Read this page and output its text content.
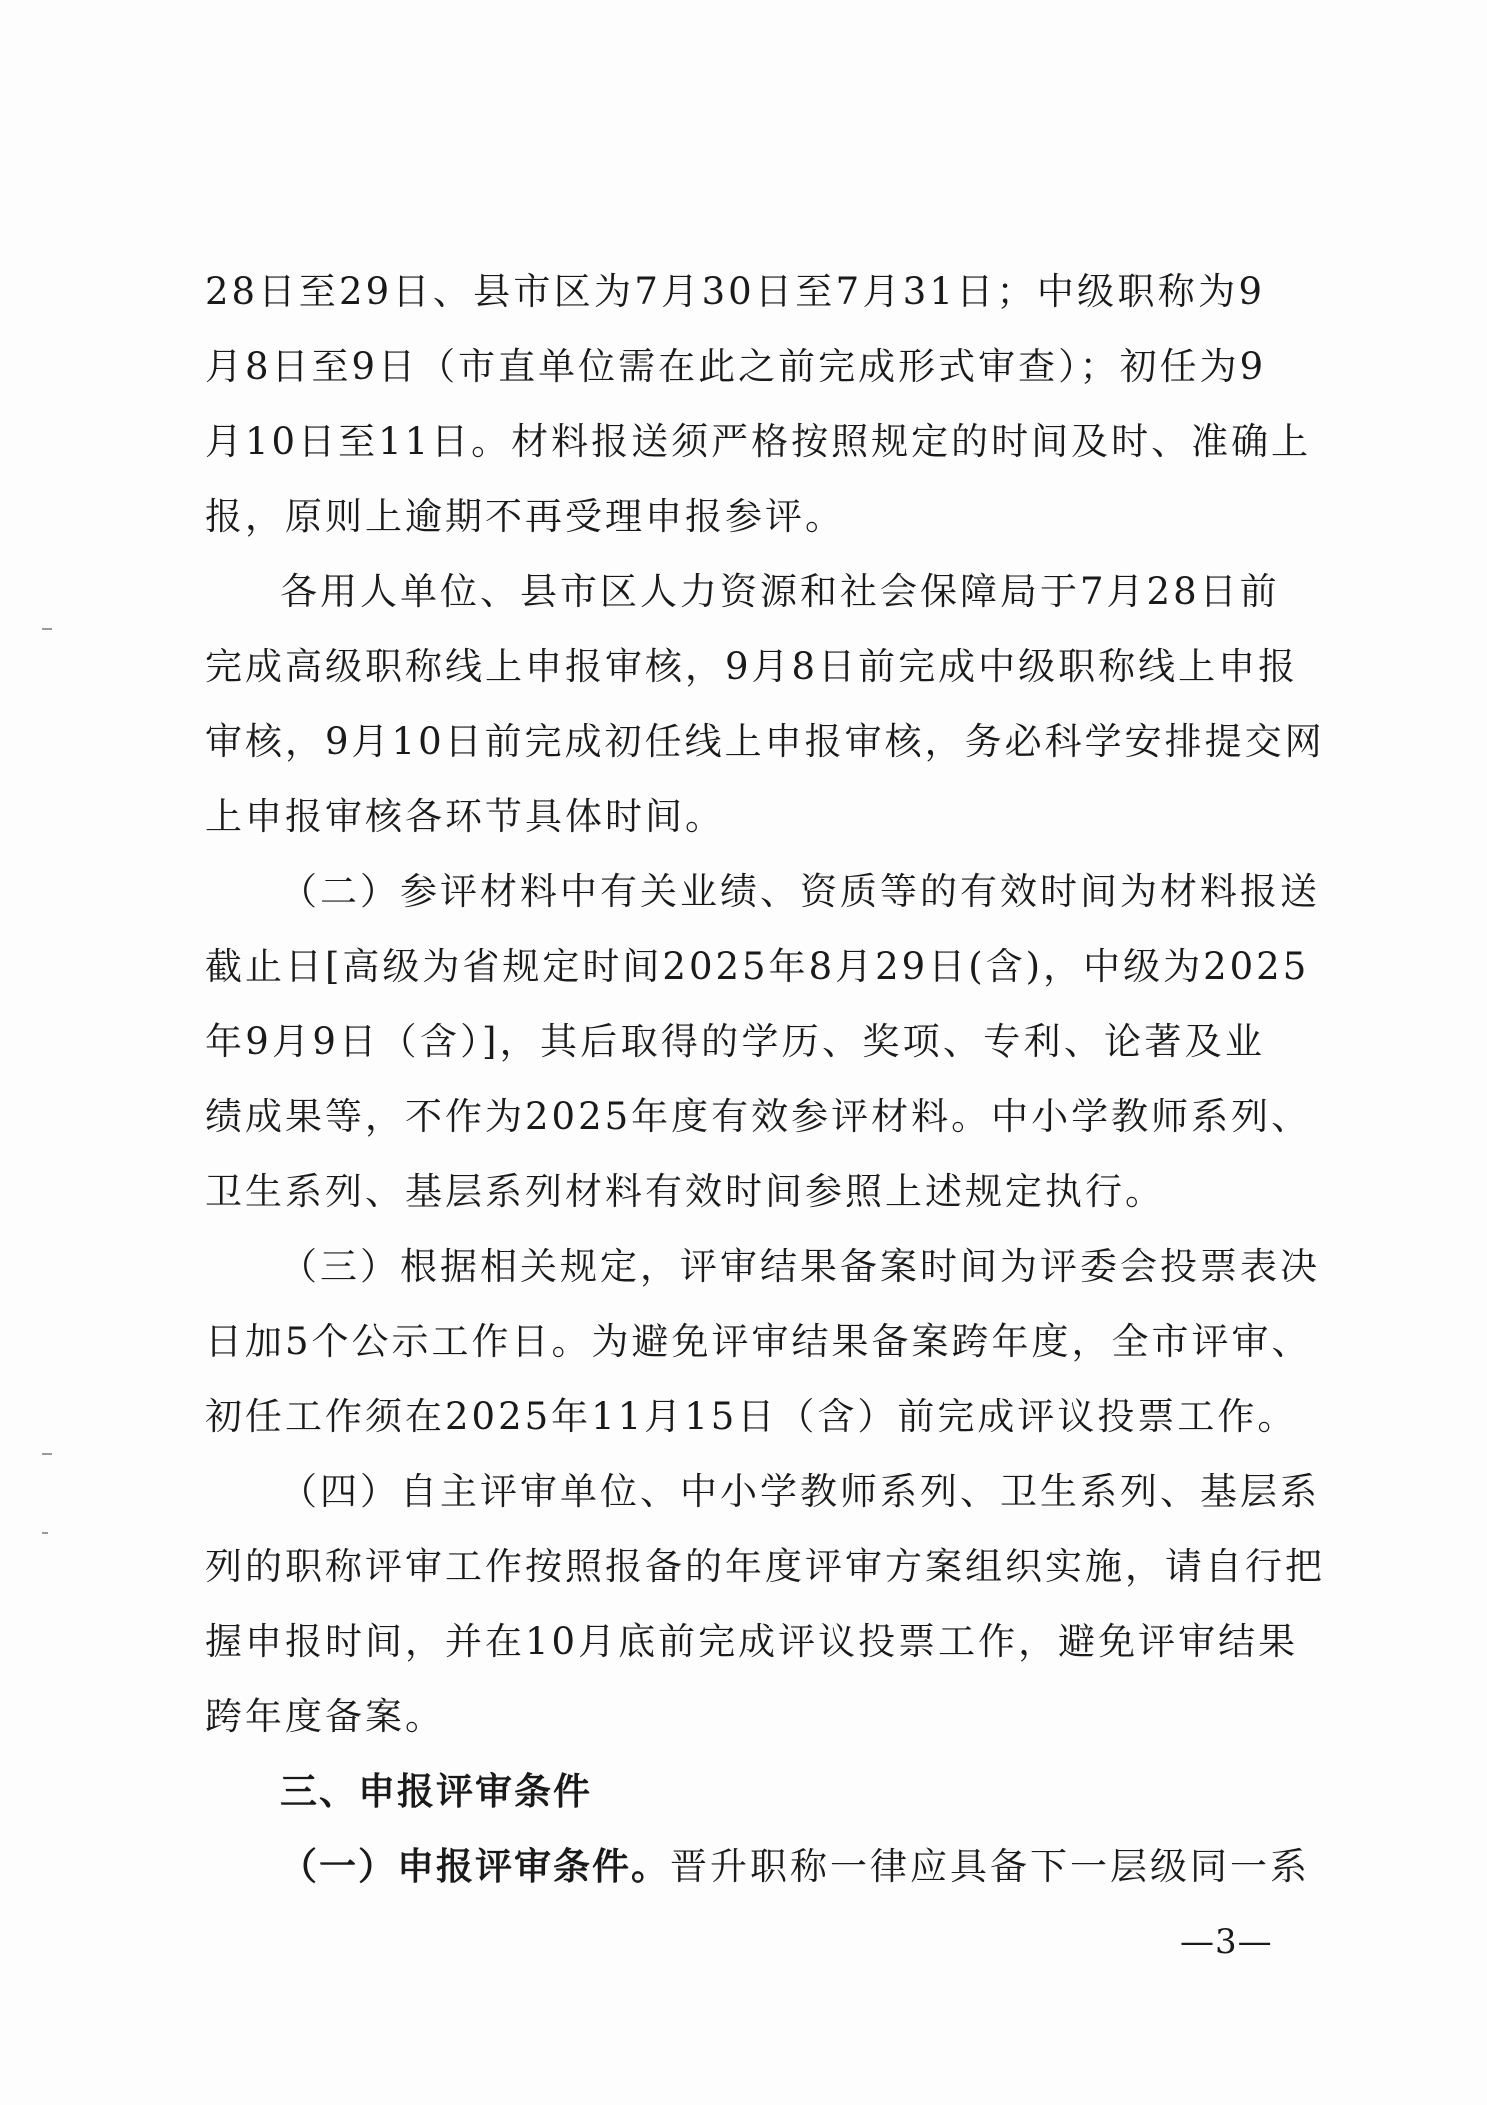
28日至29日、县市区为7月30日至7月31日；中级职称为9
月8日至9日（市直单位需在此之前完成形式审查）；初任为9
月10日至11日。材料报送须严格按照规定的时间及时、准确上
报，原则上逾期不再受理申报参评。
各用人单位、县市区人力资源和社会保障局于7月28日前
完成高级职称线上申报审核，9月8日前完成中级职称线上申报
审核，9月10日前完成初任线上申报审核，务必科学安排提交网
上申报审核各环节具体时间。
（二）参评材料中有关业绩、资质等的有效时间为材料报送
截止日[高级为省规定时间2025年8月29日(含)，中级为2025
年9月9日（含）]，其后取得的学历、奖项、专利、论著及业
绩成果等，不作为2025年度有效参评材料。中小学教师系列、
卫生系列、基层系列材料有效时间参照上述规定执行。
（三）根据相关规定，评审结果备案时间为评委会投票表决
日加5个公示工作日。为避免评审结果备案跨年度，全市评审、
初任工作须在2025年11月15日（含）前完成评议投票工作。
（四）自主评审单位、中小学教师系列、卫生系列、基层系
列的职称评审工作按照报备的年度评审方案组织实施，请自行把
握申报时间，并在10月底前完成评议投票工作，避免评审结果
跨年度备案。
三、申报评审条件
（一）申报评审条件。晋升职称一律应具备下一层级同一系
—3—
